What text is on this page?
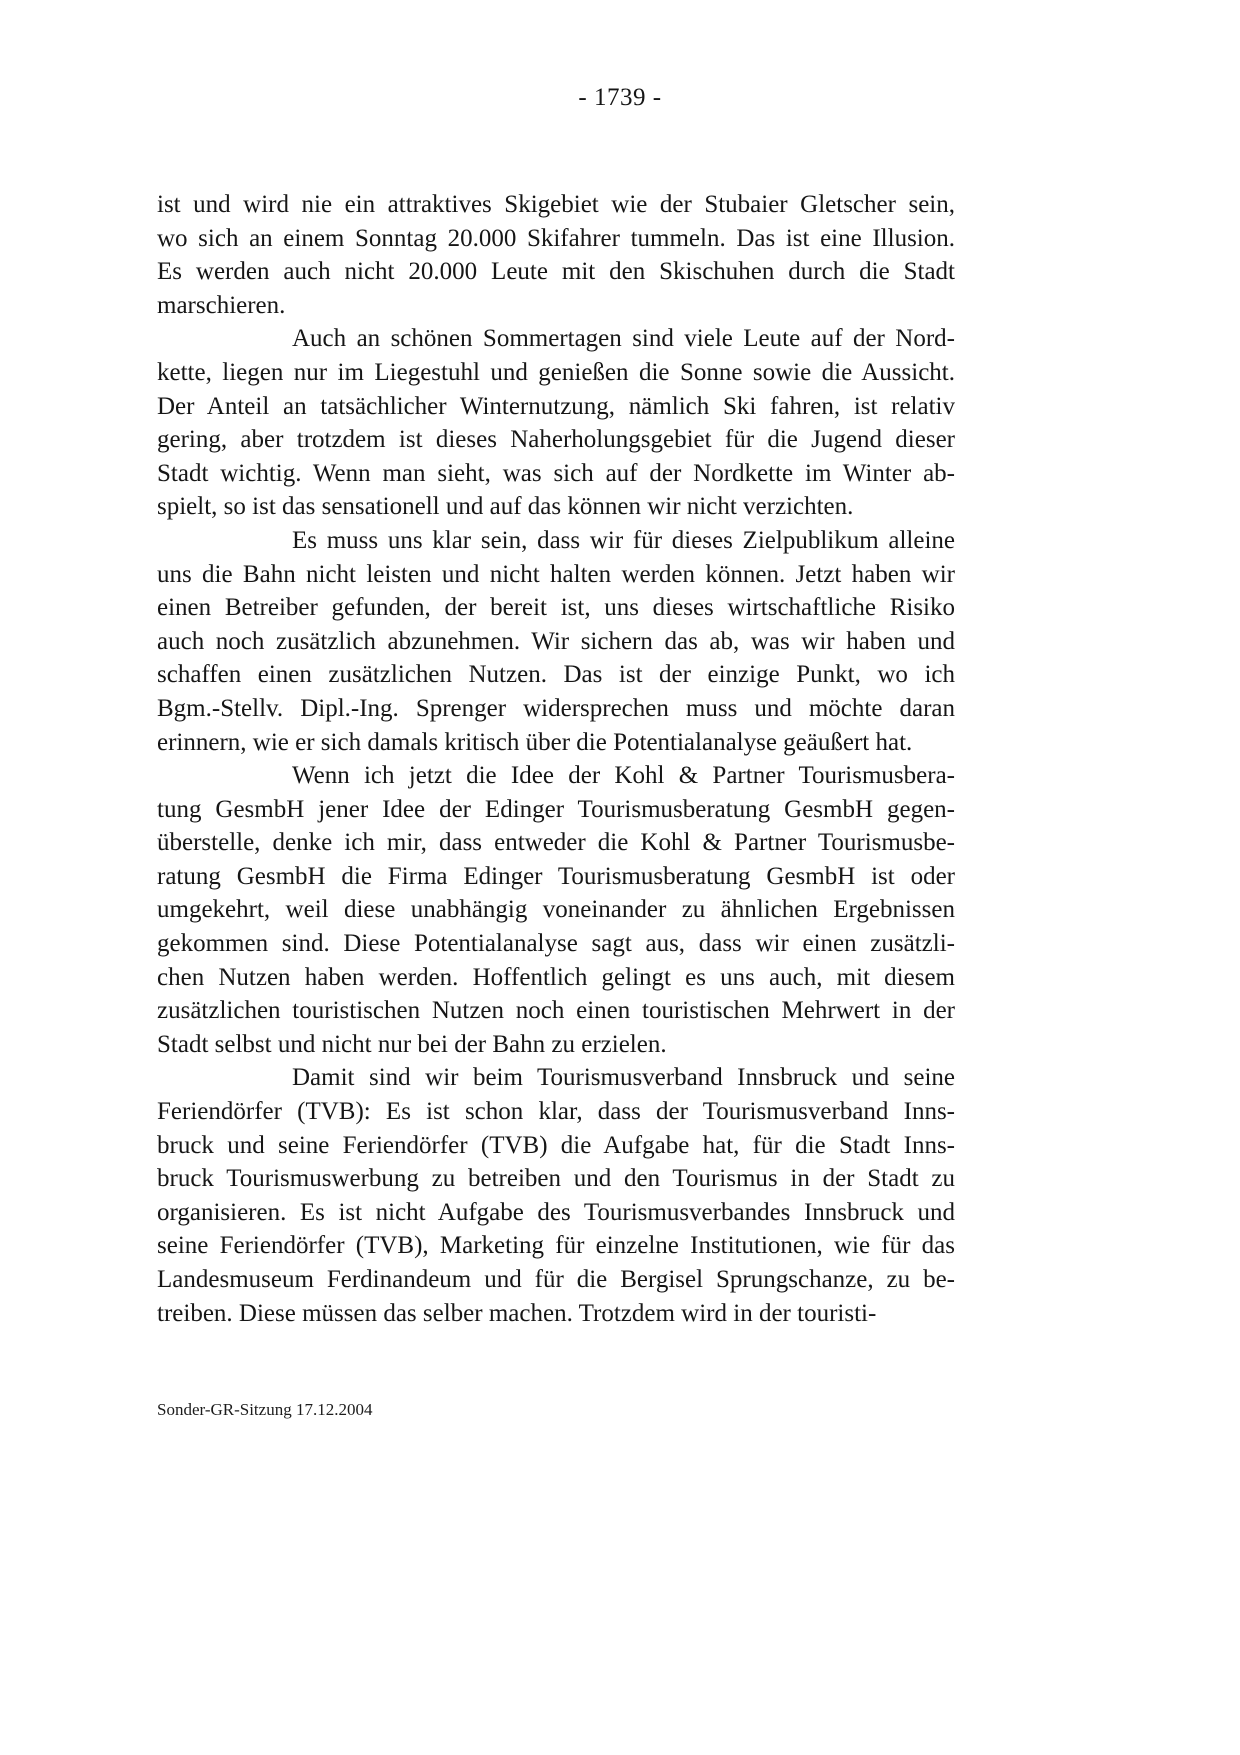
- 1739 -
ist und wird nie ein attraktives Skigebiet wie der Stubaier Gletscher sein,
wo sich an einem Sonntag 20.000 Skifahrer tummeln. Das ist eine Illusion.
Es werden auch nicht 20.000 Leute mit den Skischuhen durch die Stadt
marschieren.
Auch an schönen Sommertagen sind viele Leute auf der Nord-
kette, liegen nur im Liegestuhl und genießen die Sonne sowie die Aussicht.
Der Anteil an tatsächlicher Winternutzung, nämlich Ski fahren, ist relativ
gering, aber trotzdem ist dieses Naherholungsgebiet für die Jugend dieser
Stadt wichtig. Wenn man sieht, was sich auf der Nordkette im Winter ab-
spielt, so ist das sensationell und auf das können wir nicht verzichten.
Es muss uns klar sein, dass wir für dieses Zielpublikum alleine
uns die Bahn nicht leisten und nicht halten werden können. Jetzt haben wir
einen Betreiber gefunden, der bereit ist, uns dieses wirtschaftliche Risiko
auch noch zusätzlich abzunehmen. Wir sichern das ab, was wir haben und
schaffen einen zusätzlichen Nutzen. Das ist der einzige Punkt, wo ich
Bgm.-Stellv. Dipl.-Ing. Sprenger widersprechen muss und möchte daran
erinnern, wie er sich damals kritisch über die Potentialanalyse geäußert hat.
Wenn ich jetzt die Idee der Kohl & Partner Tourismusbera-
tung GesmbH jener Idee der Edinger Tourismusberatung GesmbH gegen-
überstelle, denke ich mir, dass entweder die Kohl & Partner Tourismusbe-
ratung GesmbH die Firma Edinger Tourismusberatung GesmbH ist oder
umgekehrt, weil diese unabhängig voneinander zu ähnlichen Ergebnissen
gekommen sind. Diese Potentialanalyse sagt aus, dass wir einen zusätzli-
chen Nutzen haben werden. Hoffentlich gelingt es uns auch, mit diesem
zusätzlichen touristischen Nutzen noch einen touristischen Mehrwert in der
Stadt selbst und nicht nur bei der Bahn zu erzielen.
Damit sind wir beim Tourismusverband Innsbruck und seine
Feriendörfer (TVB): Es ist schon klar, dass der Tourismusverband Inns-
bruck und seine Feriendörfer (TVB) die Aufgabe hat, für die Stadt Inns-
bruck Tourismuswerbung zu betreiben und den Tourismus in der Stadt zu
organisieren. Es ist nicht Aufgabe des Tourismusverbandes Innsbruck und
seine Feriendörfer (TVB), Marketing für einzelne Institutionen, wie für das
Landesmuseum Ferdinandeum und für die Bergisel Sprungschanze, zu be-
treiben. Diese müssen das selber machen. Trotzdem wird in der touristi-
Sonder-GR-Sitzung 17.12.2004
